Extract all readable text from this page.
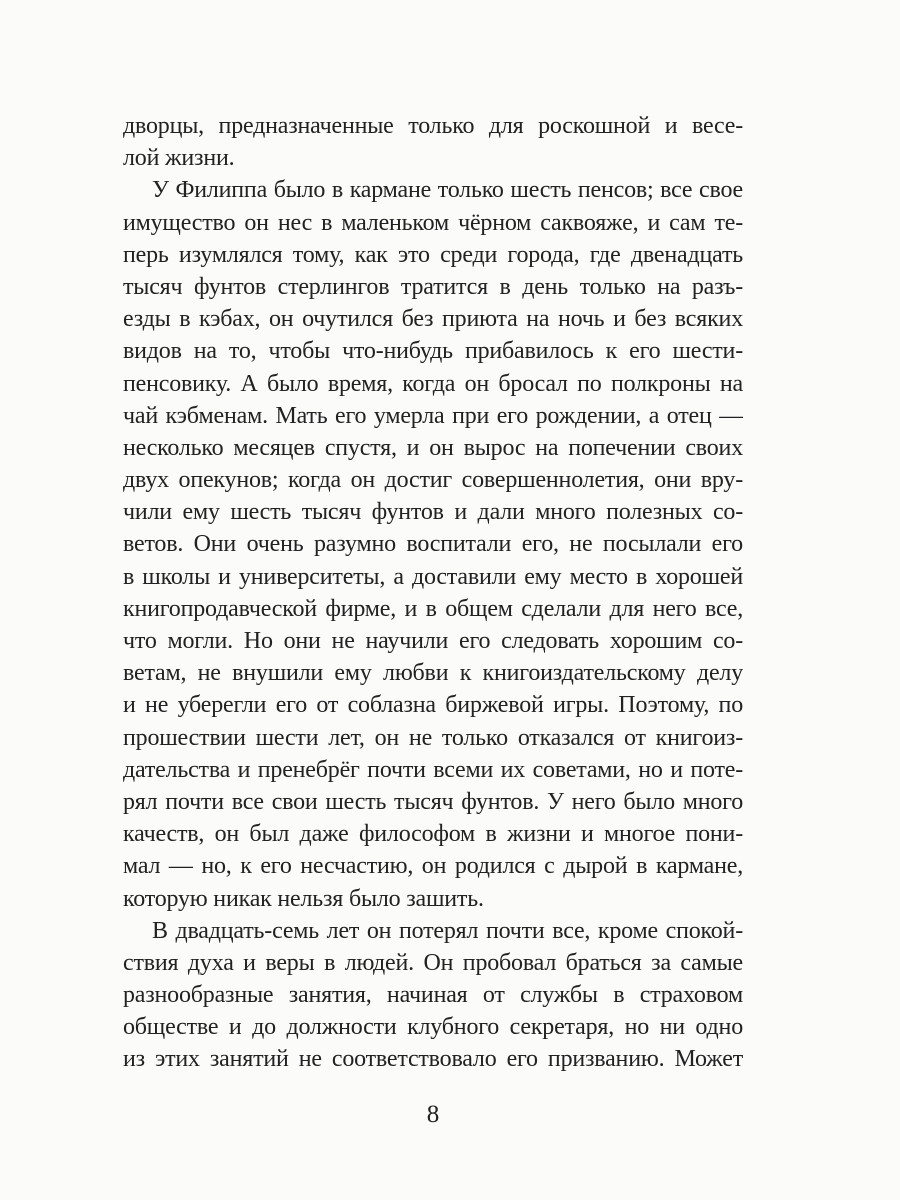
дворцы, предназначенные только для роскошной и весе-
лой жизни.
У Филиппа было в кармане только шесть пенсов; все свое
имущество он нес в маленьком чёрном саквояже, и сам те-
перь изумлялся тому, как это среди города, где двенадцать
тысяч фунтов стерлингов тратится в день только на разъ-
езды в кэбах, он очутился без приюта на ночь и без всяких
видов на то, чтобы что-нибудь прибавилось к его шести-
пенсовику. А было время, когда он бросал по полкроны на
чай кэбменам. Мать его умерла при его рождении, а отец —
несколько месяцев спустя, и он вырос на попечении своих
двух опекунов; когда он достиг совершеннолетия, они вру-
чили ему шесть тысяч фунтов и дали много полезных со-
ветов. Они очень разумно воспитали его, не посылали его
в школы и университеты, а доставили ему место в хорошей
книгопродавческой фирме, и в общем сделали для него все,
что могли. Но они не научили его следовать хорошим со-
ветам, не внушили ему любви к книгоиздательскому делу
и не уберегли его от соблазна биржевой игры. Поэтому, по
прошествии шести лет, он не только отказался от книгоиз-
дательства и пренебрёг почти всеми их советами, но и поте-
рял почти все свои шесть тысяч фунтов. У него было много
качеств, он был даже философом в жизни и многое пони-
мал — но, к его несчастию, он родился с дырой в кармане,
которую никак нельзя было зашить.
В двадцать-семь лет он потерял почти все, кроме спокой-
ствия духа и веры в людей. Он пробовал браться за самые
разнообразные занятия, начиная от службы в страховом
обществе и до должности клубного секретаря, но ни одно
из этих занятий не соответствовало его призванию. Может
8
